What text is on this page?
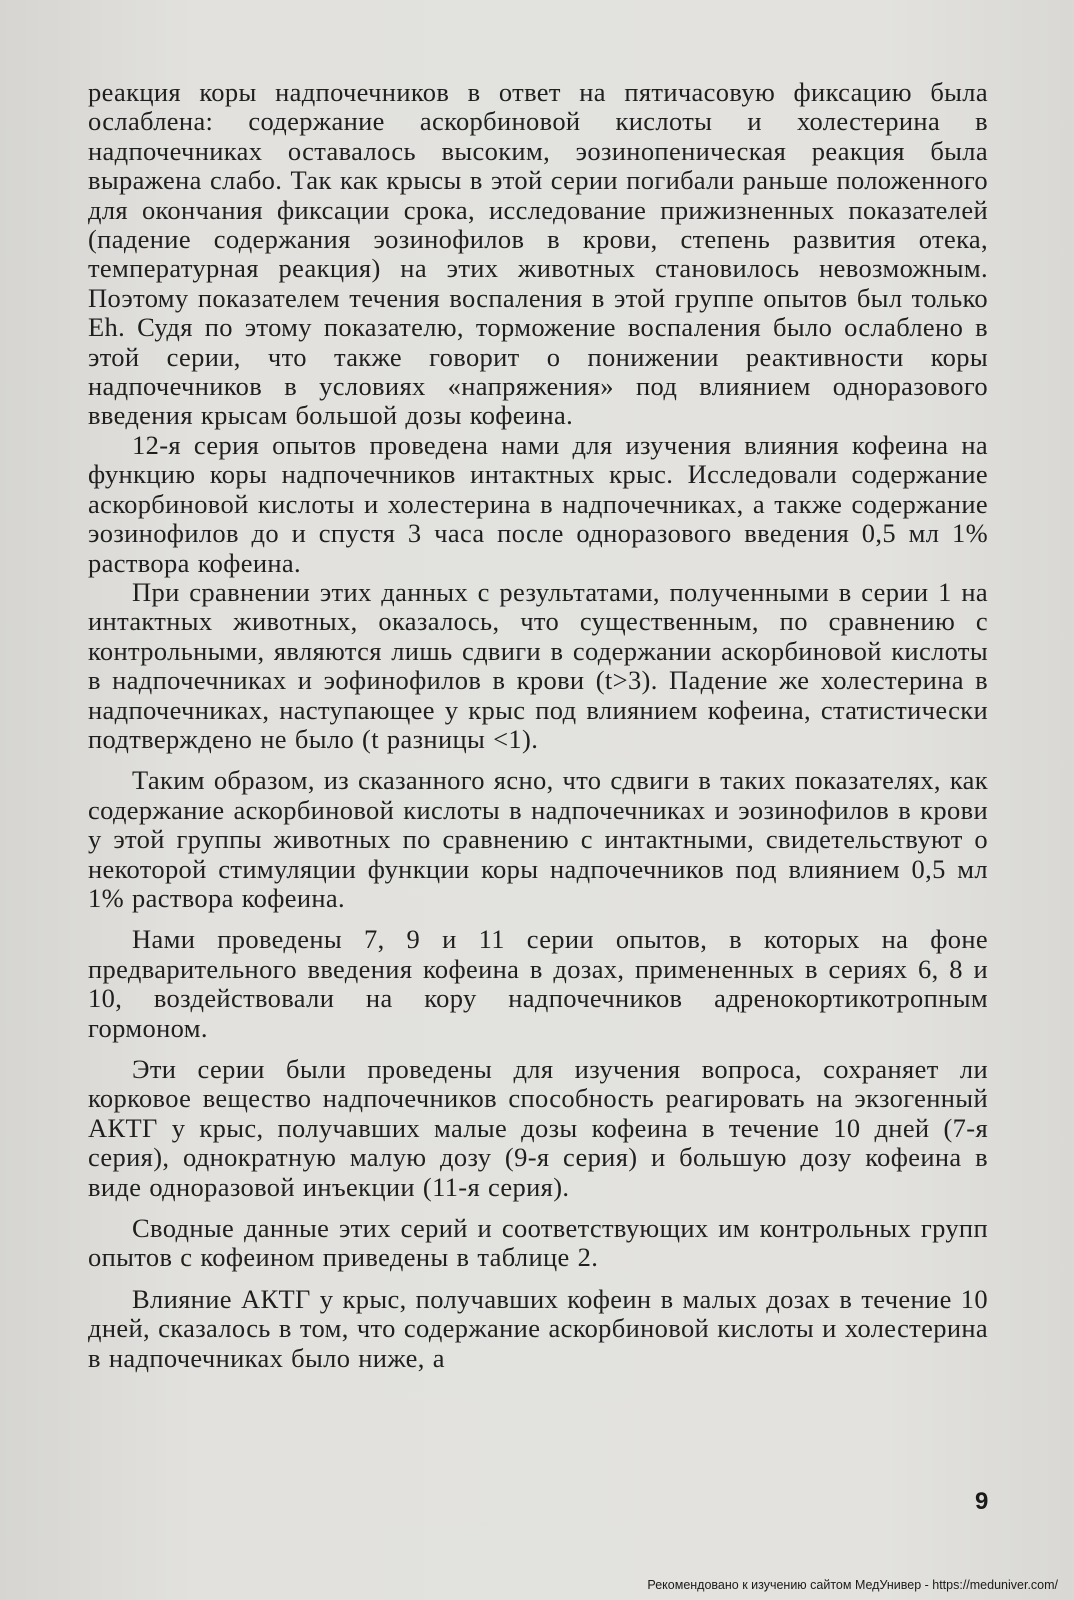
реакция коры надпочечников в ответ на пятичасовую фиксацию была ослаблена: содержание аскорбиновой кислоты и холестерина в надпочечниках оставалось высоким, эозинопеническая реакция была выражена слабо. Так как крысы в этой серии погибали раньше положенного для окончания фиксации срока, исследование прижизненных показателей (падение содержания эозинофилов в крови, степень развития отека, температурная реакция) на этих животных становилось невозможным. Поэтому показателем течения воспаления в этой группе опытов был только Eh. Судя по этому показателю, торможение воспаления было ослаблено в этой серии, что также говорит о понижении реактивности коры надпочечников в условиях «напряжения» под влиянием одноразового введения крысам большой дозы кофеина.

12-я серия опытов проведена нами для изучения влияния кофеина на функцию коры надпочечников интактных крыс. Исследовали содержание аскорбиновой кислоты и холестерина в надпочечниках, а также содержание эозинофилов до и спустя 3 часа после одноразового введения 0,5 мл 1% раствора кофеина.

При сравнении этих данных с результатами, полученными в серии 1 на интактных животных, оказалось, что существенным, по сравнению с контрольными, являются лишь сдвиги в содержании аскорбиновой кислоты в надпочечниках и эофинофилов в крови (t>3). Падение же холестерина в надпочечниках, наступающее у крыс под влиянием кофеина, статистически подтверждено не было (t разницы <1).

Таким образом, из сказанного ясно, что сдвиги в таких показателях, как содержание аскорбиновой кислоты в надпочечниках и эозинофилов в крови у этой группы животных по сравнению с интактными, свидетельствуют о некоторой стимуляции функции коры надпочечников под влиянием 0,5 мл 1% раствора кофеина.

Нами проведены 7, 9 и 11 серии опытов, в которых на фоне предварительного введения кофеина в дозах, примененных в сериях 6, 8 и 10, воздействовали на кору надпочечников адренокортикотропным гормоном.

Эти серии были проведены для изучения вопроса, сохраняет ли корковое вещество надпочечников способность реагировать на экзогенный АКТГ у крыс, получавших малые дозы кофеина в течение 10 дней (7-я серия), однократную малую дозу (9-я серия) и большую дозу кофеина в виде одноразовой инъекции (11-я серия).

Сводные данные этих серий и соответствующих им контрольных групп опытов с кофеином приведены в таблице 2.

Влияние АКТГ у крыс, получавших кофеин в малых дозах в течение 10 дней, сказалось в том, что содержание аскорбиновой кислоты и холестерина в надпочечниках было ниже, а

9
Рекомендовано к изучению сайтом МедУнивер - https://meduniver.com/
